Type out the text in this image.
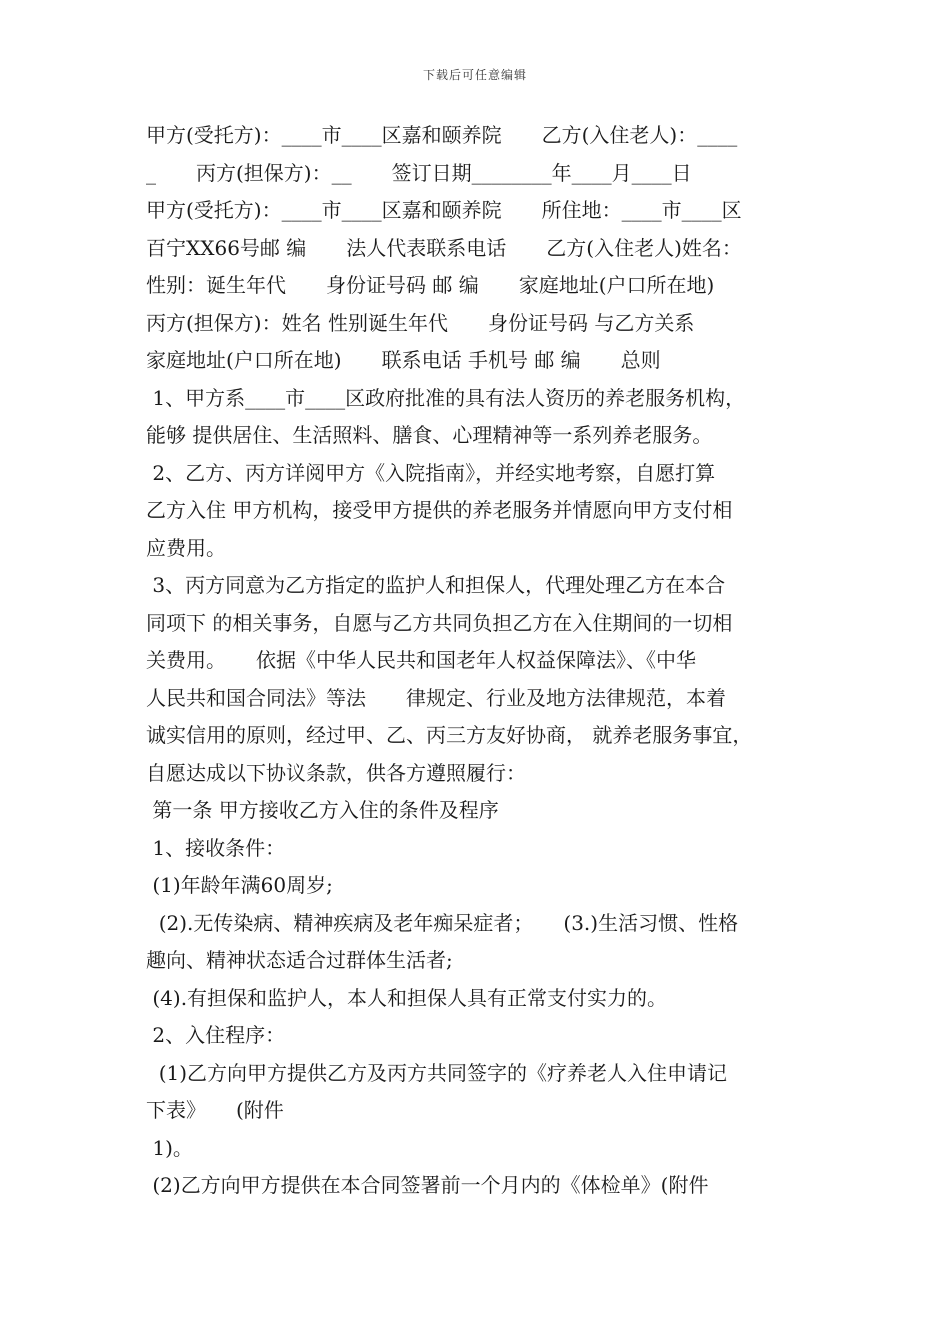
下载后可任意编辑
甲方(受托方)：____市____区嘉和颐养院　　乙方(入住老人)：____
_　　丙方(担保方)：__　　签订日期________年____月____日
甲方(受托方)：____市____区嘉和颐养院　　所住地：____市____区
百宁XX66号邮 编　　法人代表联系电话　　乙方(入住老人)姓名：
性别：诞生年代　　身份证号码 邮 编　　家庭地址(户口所在地)
丙方(担保方)：姓名 性别诞生年代　　身份证号码 与乙方关系
家庭地址(户口所在地)　　联系电话 手机号 邮 编　　总则
1、甲方系____市____区政府批准的具有法人资历的养老服务机构，
能够 提供居住、生活照料、膳食、心理精神等一系列养老服务。
2、乙方、丙方详阅甲方《入院指南》，并经实地考察，自愿打算
乙方入住 甲方机构，接受甲方提供的养老服务并情愿向甲方支付相
应费用。
3、丙方同意为乙方指定的监护人和担保人，代理处理乙方在本合
同项下 的相关事务，自愿与乙方共同负担乙方在入住期间的一切相
关费用。　　依据《中华人民共和国老年人权益保障法》、《中华
人民共和国合同法》等法　　律规定、行业及地方法律规范，本着
诚实信用的原则，经过甲、乙、丙三方友好协商， 就养老服务事宜，
自愿达成以下协议条款，供各方遵照履行：
第一条 甲方接收乙方入住的条件及程序
1、接收条件：
(1)年龄年满60周岁;
(2).无传染病、精神疾病及老年痴呆症者；　　(3.)生活习惯、性格
趣向、精神状态适合过群体生活者;
(4).有担保和监护人，本人和担保人具有正常支付实力的。
2、入住程序：
(1)乙方向甲方提供乙方及丙方共同签字的《疗养老人入住申请记
下表》　　(附件
1)。
(2)乙方向甲方提供在本合同签署前一个月内的《体检单》(附件
